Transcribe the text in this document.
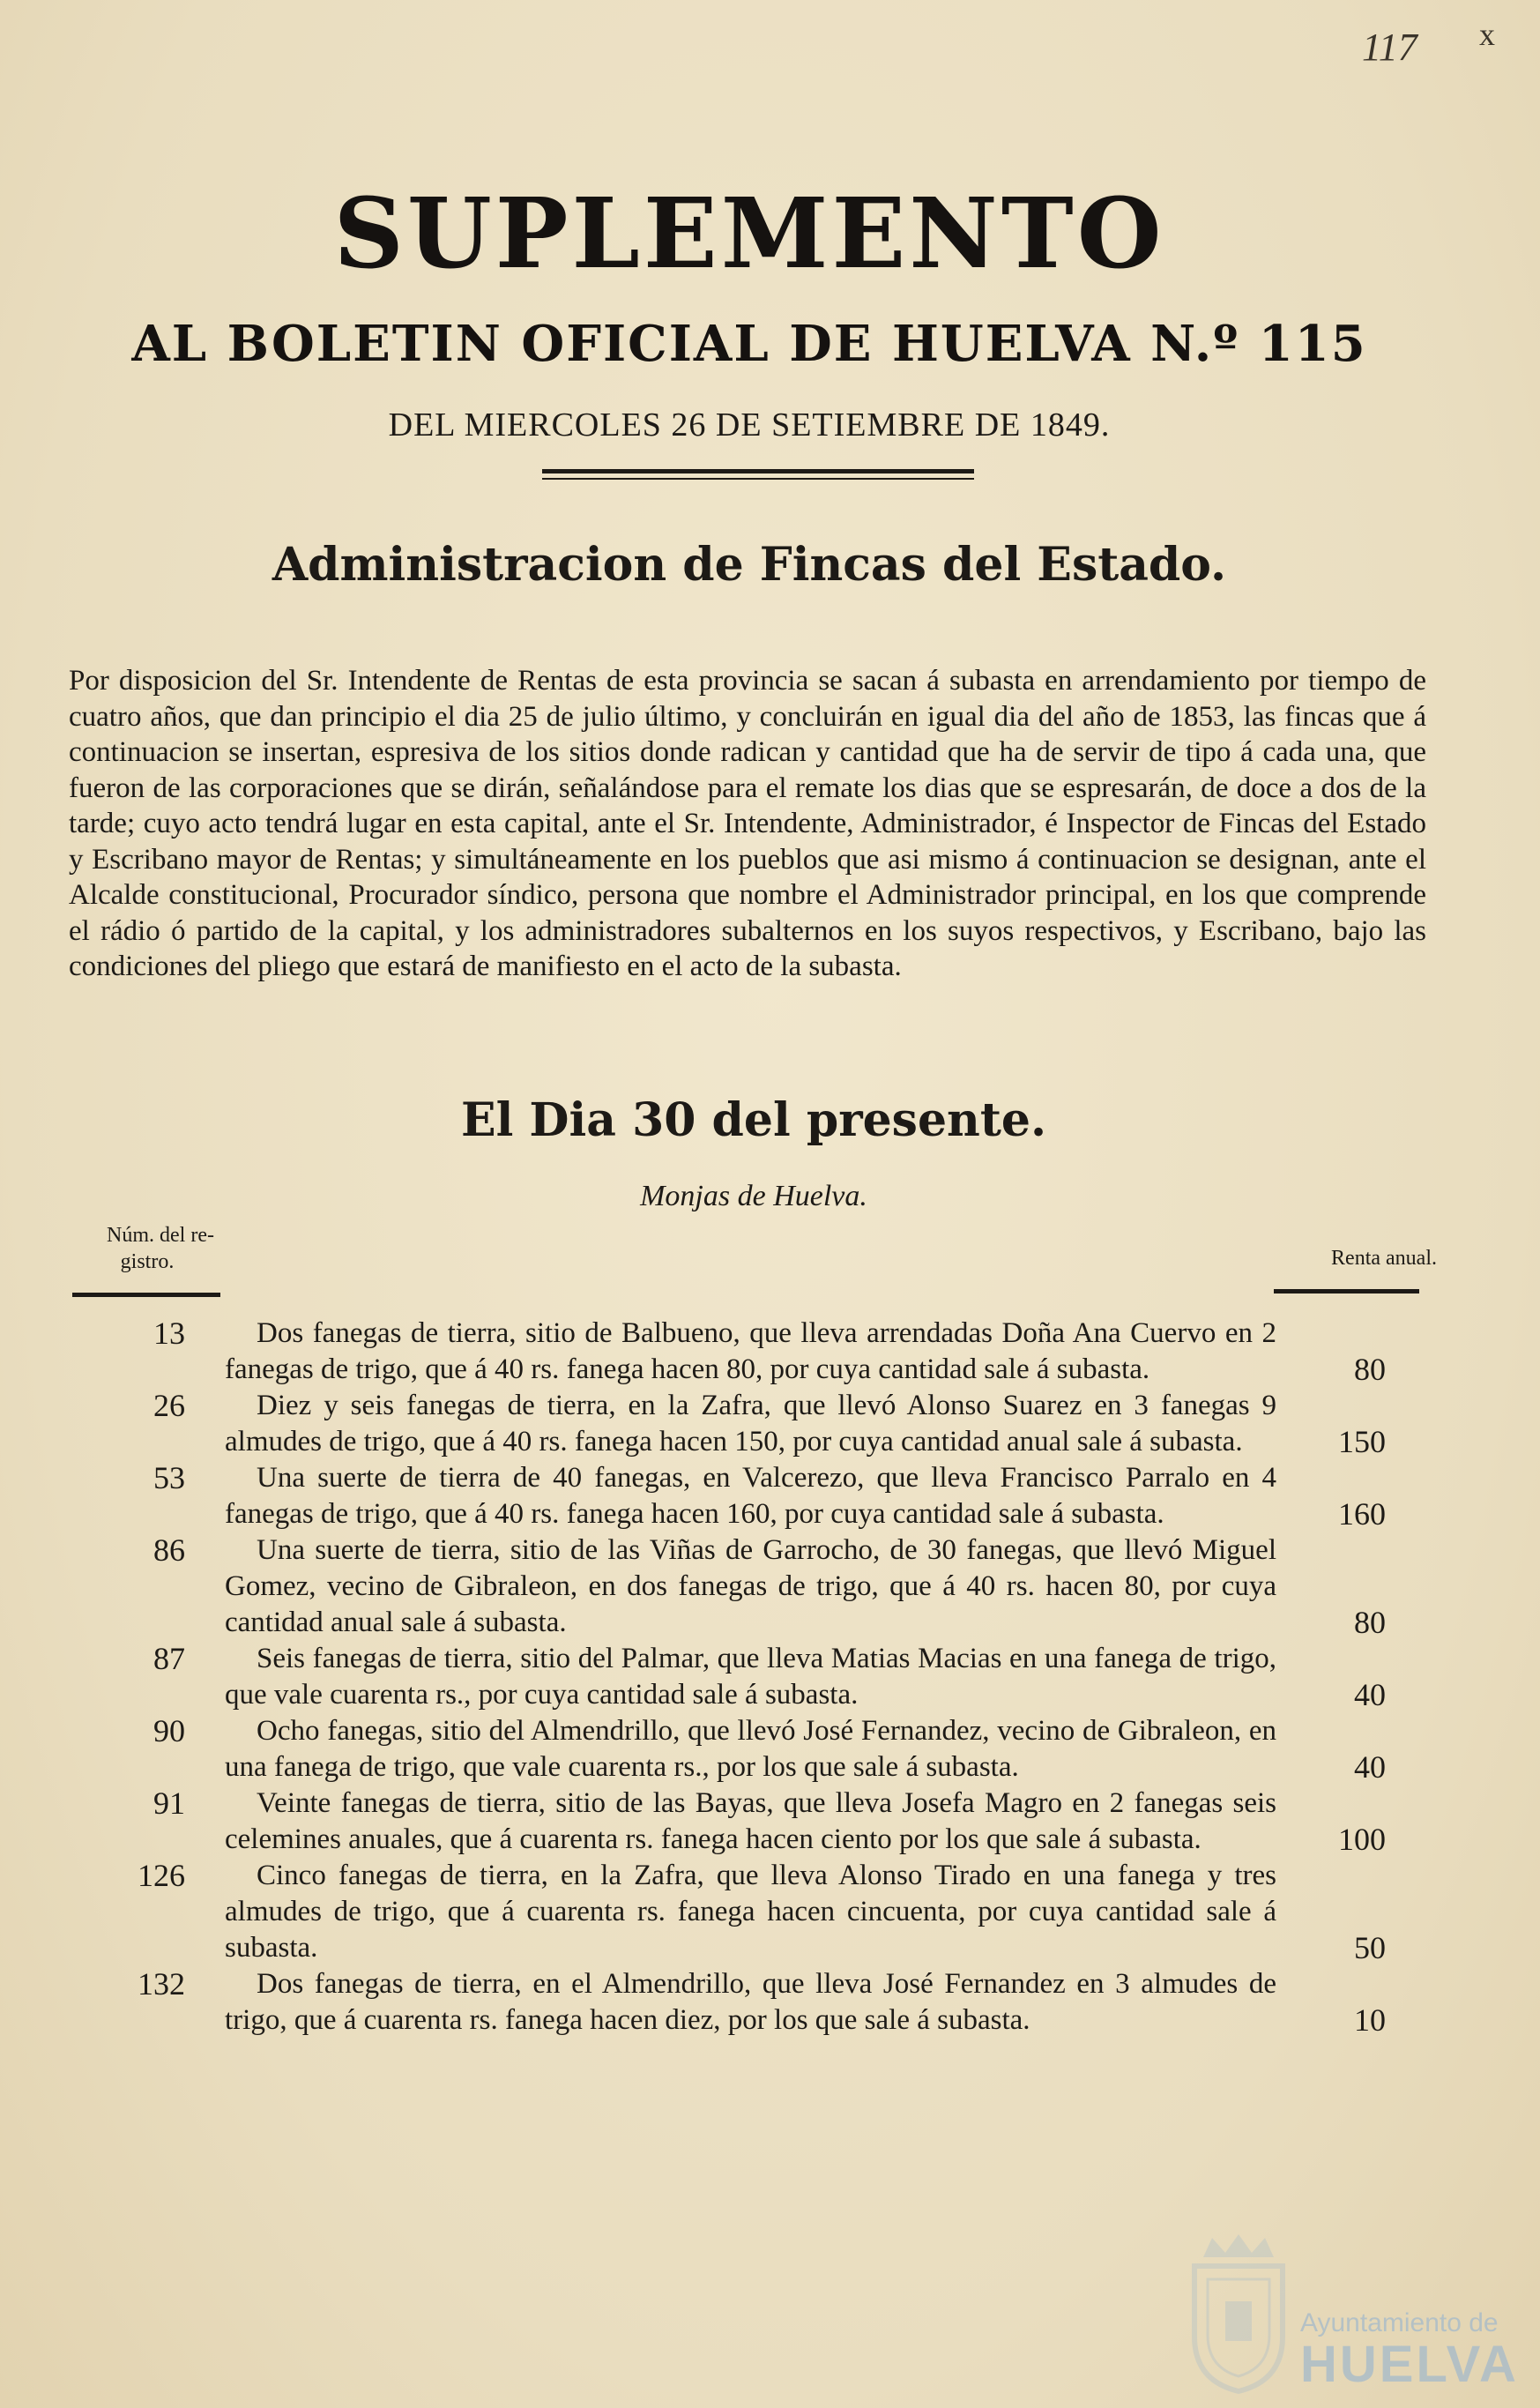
117 x
SUPLEMENTO
AL BOLETIN OFICIAL DE HUELVA N.º 115
DEL MIERCOLES 26 DE SETIEMBRE DE 1849.
Administracion de Fincas del Estado.
Por disposicion del Sr. Intendente de Rentas de esta provincia se sacan á subasta en arrendamiento por tiempo de cuatro años, que dan principio el dia 25 de julio último, y concluirán en igual dia del año de 1853, las fincas que á continuacion se insertan, espresiva de los sitios donde radican y cantidad que ha de servir de tipo á cada una, que fueron de las corporaciones que se dirán, señalándose para el remate los dias que se espresarán, de doce a dos de la tarde; cuyo acto tendrá lugar en esta capital, ante el Sr. Intendente, Administrador, é Inspector de Fincas del Estado y Escribano mayor de Rentas; y simultáneamente en los pueblos que asi mismo á continuacion se designan, ante el Alcalde constitucional, Procurador síndico, persona que nombre el Administrador principal, en los que comprende el rádio ó partido de la capital, y los administradores subalternos en los suyos respectivos, y Escribano, bajo las condiciones del pliego que estará de manifiesto en el acto de la subasta.
El Dia 30 del presente.
Monjas de Huelva.
Núm. del re-
gistro.	Renta anual.
13	Dos fanegas de tierra, sitio de Balbueno, que lleva arrendadas Doña Ana Cuervo en 2 fanegas de trigo, que á 40 rs. fanega hacen 80, por cuya cantidad sale á subasta.	80
26	Diez y seis fanegas de tierra, en la Zafra, que llevó Alonso Suarez en 3 fanegas 9 almudes de trigo, que á 40 rs. fanega hacen 150, por cuya cantidad anual sale á subasta.	150
53	Una suerte de tierra de 40 fanegas, en Valcerezo, que lleva Francisco Parralo en 4 fanegas de trigo, que á 40 rs. fanega hacen 160, por cuya cantidad sale á subasta.	160
86	Una suerte de tierra, sitio de las Viñas de Garrocho, de 30 fanegas, que llevó Miguel Gomez, vecino de Gibraleon, en dos fanegas de trigo, que á 40 rs. hacen 80, por cuya cantidad anual sale á subasta.	80
87	Seis fanegas de tierra, sitio del Palmar, que lleva Matias Macias en una fanega de trigo, que vale cuarenta rs., por cuya cantidad sale á subasta.	40
90	Ocho fanegas, sitio del Almendrillo, que llevó José Fernandez, vecino de Gibraleon, en una fanega de trigo, que vale cuarenta rs., por los que sale á subasta.	40
91	Veinte fanegas de tierra, sitio de las Bayas, que lleva Josefa Magro en 2 fanegas seis celemines anuales, que á cuarenta rs. fanega hacen ciento por los que sale á subasta.	100
126	Cinco fanegas de tierra, en la Zafra, que lleva Alonso Tirado en una fanega y tres almudes de trigo, que á cuarenta rs. fanega hacen cincuenta, por cuya cantidad sale á subasta.	50
132	Dos fanegas de tierra, en el Almendrillo, que lleva José Fernandez en 3 almudes de trigo, que á cuarenta rs. fanega hacen diez, por los que sale á subasta.	10
Ayuntamiento de
HUELVA
